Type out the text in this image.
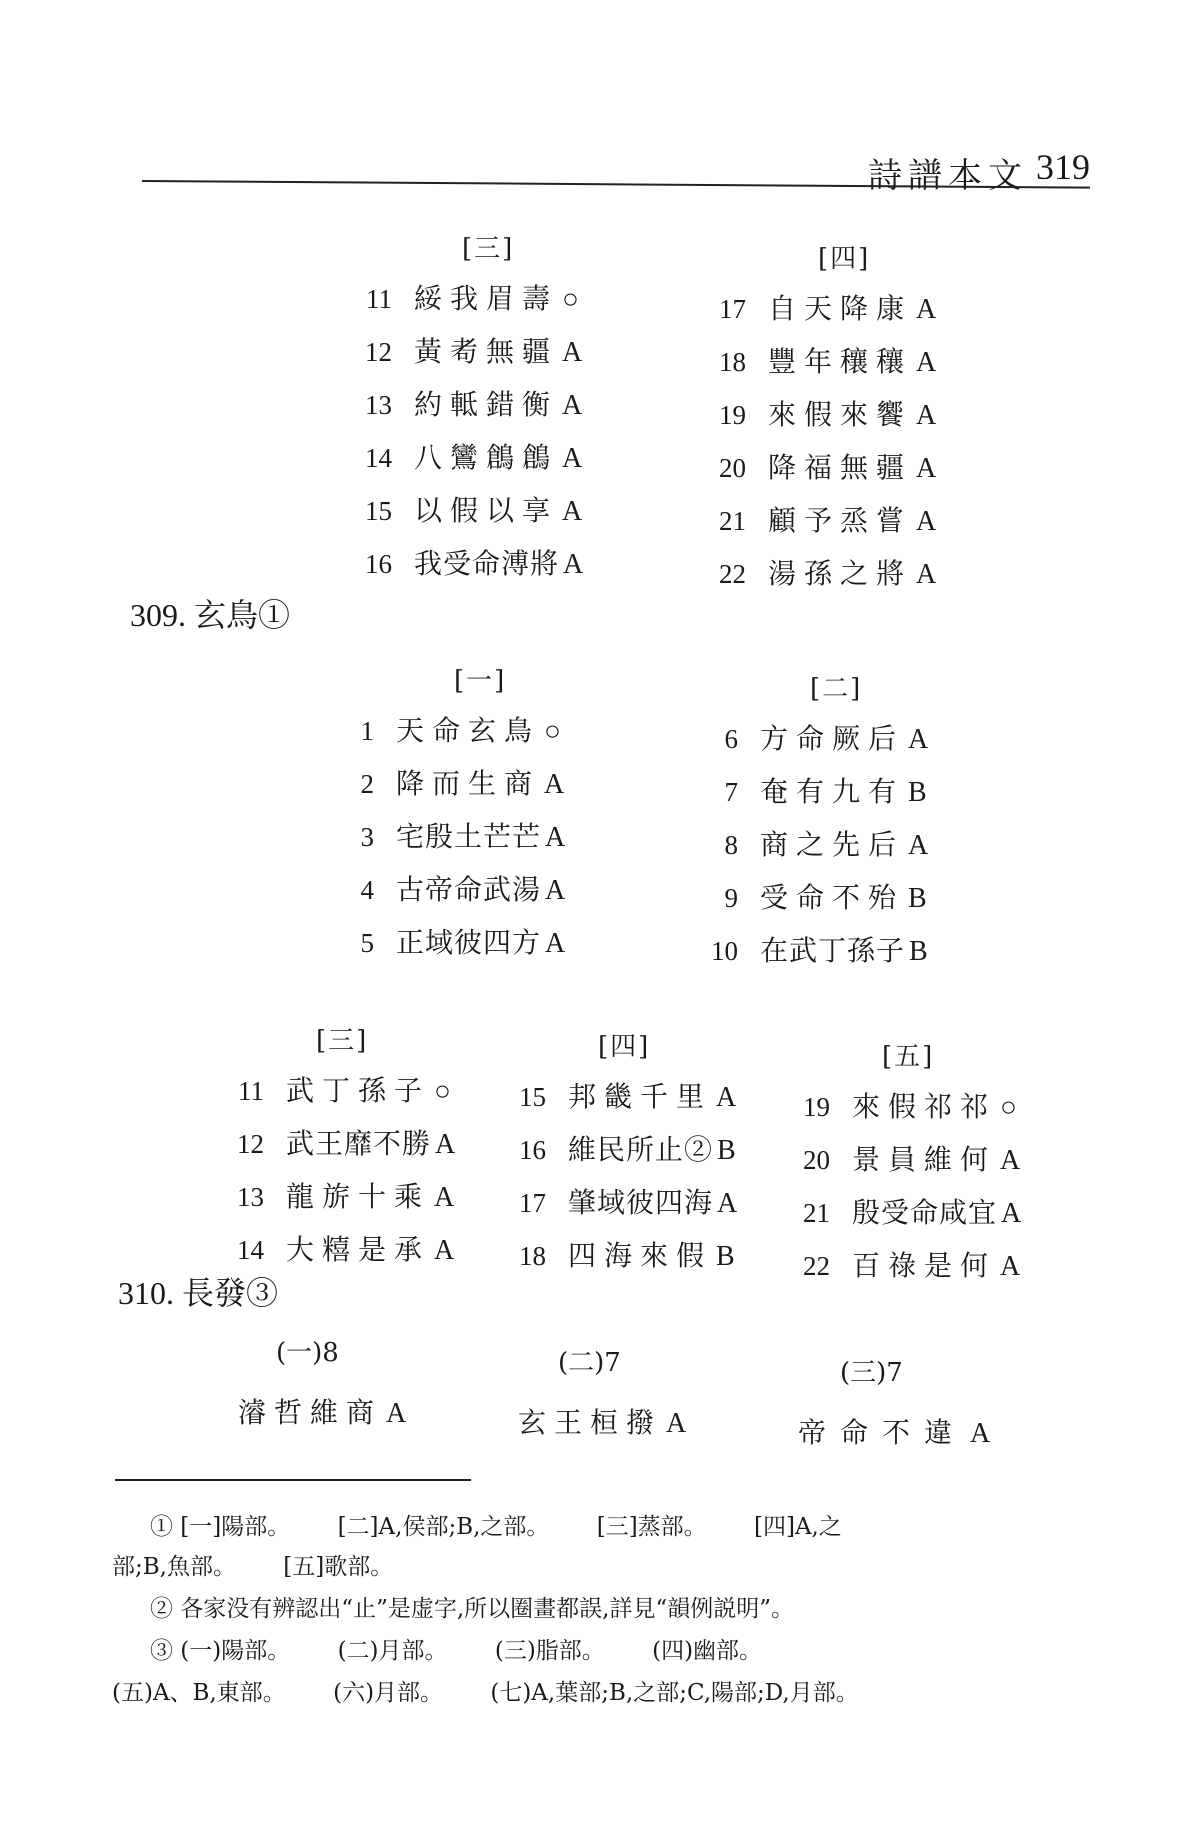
詩譜本文 319
[三]
11 綏我眉壽 ○
12 黃耇無疆 A
13 約軧錯衡 A
14 八鸞鶬鶬 A
15 以假以享 A
16 我受命溥將 A
[四]
17 自天降康 A
18 豐年穰穰 A
19 來假來饗 A
20 降福無疆 A
21 顧予烝嘗 A
22 湯孫之將 A
309. 玄鳥①
[一]
1 天命玄鳥 ○
2 降而生商 A
3 宅殷土芒芒 A
4 古帝命武湯 A
5 正域彼四方 A
[二]
6 方命厥后 A
7 奄有九有 B
8 商之先后 A
9 受命不殆 B
10 在武丁孫子 B
[三]
11 武丁孫子 ○
12 武王靡不勝 A
13 龍旂十乘 A
14 大糦是承 A
[四]
15 邦畿千里 A
16 維民所止② B
17 肇域彼四海 A
18 四海來假 B
[五]
19 來假祁祁 ○
20 景員維何 A
21 殷受命咸宜 A
22 百祿是何 A
310. 長發③
(一)8
濬哲維商 A
(二)7
玄王桓撥 A
(三)7
帝命不違 A
① [一]陽部。 [二]A,侯部;B,之部。 [三]蒸部。 [四]A,之
部;B,魚部。 [五]歌部。
② 各家没有辨認出“止”是虚字,所以圈畫都誤,詳見“韻例説明”。
③ (一)陽部。 (二)月部。 (三)脂部。 (四)幽部。
(五)A、B,東部。 (六)月部。 (七)A,葉部;B,之部;C,陽部;D,月部。
